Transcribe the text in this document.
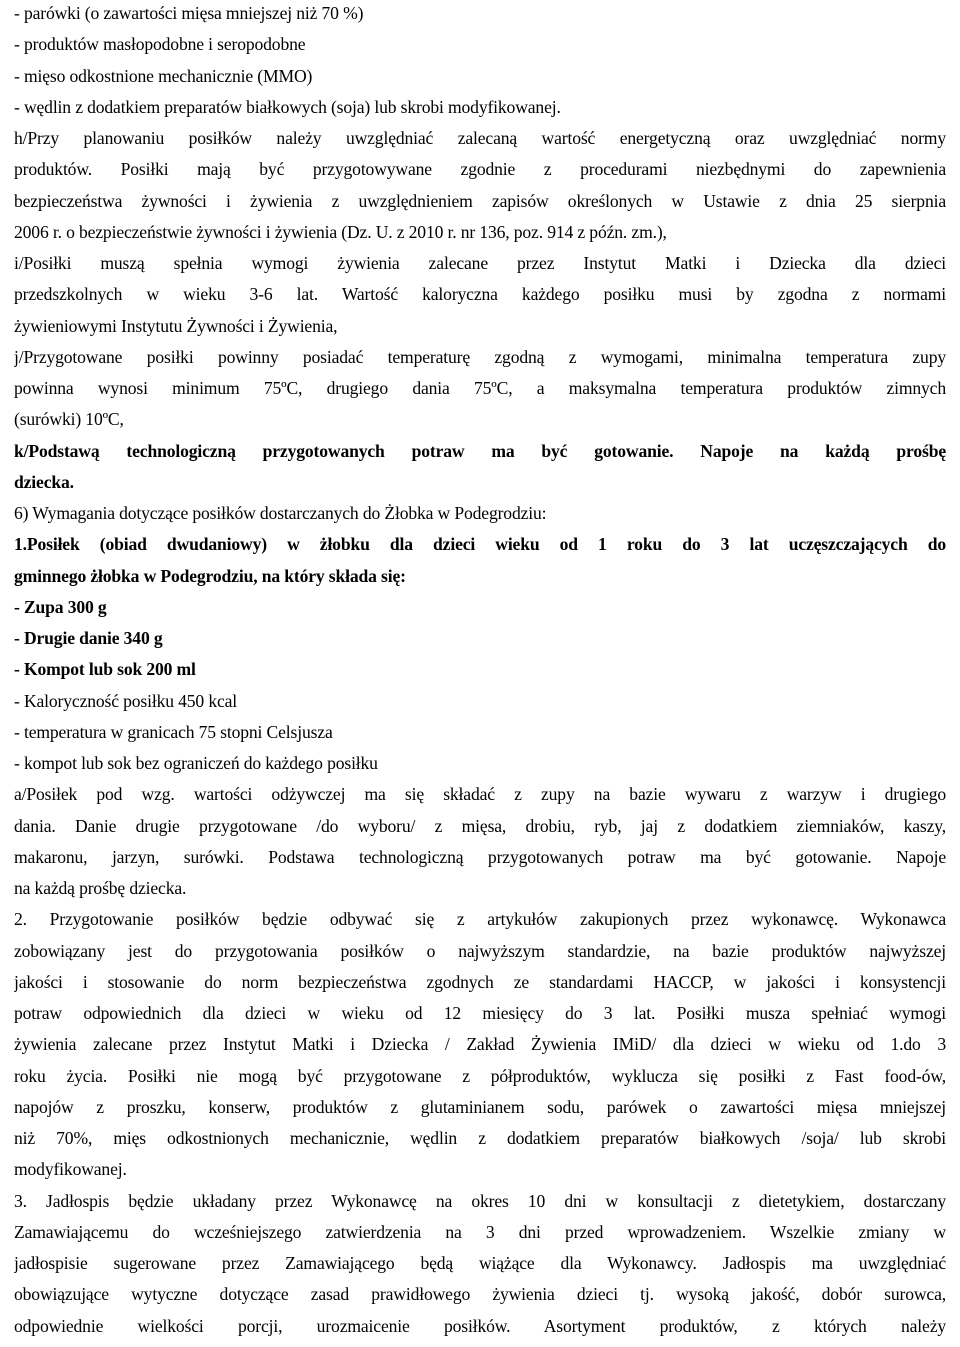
- parówki (o zawartości mięsa mniejszej niż 70 %)
- produktów masłopodobne i seropodobne
- mięso odkostnione mechanicznie (MMO)
- wędlin z dodatkiem preparatów białkowych (soja) lub skrobi modyfikowanej.
h/Przy planowaniu posiłków należy uwzględniać zalecaną wartość energetyczną oraz uwzględniać normy
produktów. Posiłki mają być przygotowywane zgodnie z procedurami niezbędnymi do zapewnienia
bezpieczeństwa żywności i żywienia z uwzględnieniem zapisów określonych w Ustawie z dnia 25 sierpnia
2006 r. o bezpieczeństwie żywności i żywienia (Dz. U. z 2010 r. nr 136, poz. 914 z późn. zm.),
i/Posiłki muszą spełnia wymogi żywienia zalecane przez Instytut Matki i Dziecka dla dzieci
przedszkolnych w wieku 3-6 lat. Wartość kaloryczna każdego posiłku musi by zgodna z normami
żywieniowymi Instytutu Żywności i Żywienia,
j/Przygotowane posiłki powinny posiadać temperaturę zgodną z wymogami, minimalna temperatura zupy
powinna wynosi minimum 75ºC, drugiego dania 75ºC, a maksymalna temperatura produktów zimnych
(surówki) 10ºC,
k/Podstawą technologiczną przygotowanych potraw ma być gotowanie. Napoje na każdą prośbę
dziecka.
6) Wymagania dotyczące posiłków dostarczanych do Żłobka w Podegrodziu:
1.Posiłek (obiad dwudaniowy) w żłobku dla dzieci wieku od 1 roku do 3 lat uczęszczających do
gminnego żłobka w Podegrodziu, na który składa się:
- Zupa 300 g
- Drugie danie 340 g
- Kompot lub sok 200 ml
- Kaloryczność posiłku 450 kcal
- temperatura w granicach 75 stopni Celsjusza
- kompot lub sok bez ograniczeń do każdego posiłku
a/Posiłek pod wzg. wartości odżywczej ma się składać z zupy na bazie wywaru z warzyw i drugiego
dania. Danie drugie przygotowane /do wyboru/ z mięsa, drobiu, ryb, jaj z dodatkiem ziemniaków, kaszy,
makaronu, jarzyn, surówki. Podstawa technologiczną przygotowanych potraw ma być gotowanie. Napoje
na każdą prośbę dziecka.
2. Przygotowanie posiłków będzie odbywać się z artykułów zakupionych przez wykonawcę. Wykonawca
zobowiązany jest do przygotowania posiłków o najwyższym standardzie, na bazie produktów najwyższej
jakości i stosowanie do norm bezpieczeństwa zgodnych ze standardami HACCP, w jakości i konsystencji
potraw odpowiednich dla dzieci w wieku od 12 miesięcy do 3 lat. Posiłki musza spełniać wymogi
żywienia zalecane przez Instytut Matki i Dziecka / Zakład Żywienia IMiD/ dla dzieci w wieku od 1.do 3
roku życia. Posiłki nie mogą być przygotowane z półproduktów, wyklucza się posiłki z Fast food-ów,
napojów z proszku, konserw, produktów z glutaminianem sodu, parówek o zawartości mięsa mniejszej
niż 70%, mięs odkostnionych mechanicznie, wędlin z dodatkiem preparatów białkowych /soja/ lub skrobi
modyfikowanej.
3. Jadłospis będzie układany przez Wykonawcę na okres 10 dni w konsultacji z dietetykiem, dostarczany
Zamawiającemu do wcześniejszego zatwierdzenia na 3 dni przed wprowadzeniem. Wszelkie zmiany w
jadłospisie sugerowane przez Zamawiającego będą wiążące dla Wykonawcy. Jadłospis ma uwzględniać
obowiązujące wytyczne dotyczące zasad prawidłowego żywienia dzieci tj. wysoką jakość, dobór surowca,
odpowiednie wielkości porcji, urozmaicenie posiłków. Asortyment produktów, z których należy
